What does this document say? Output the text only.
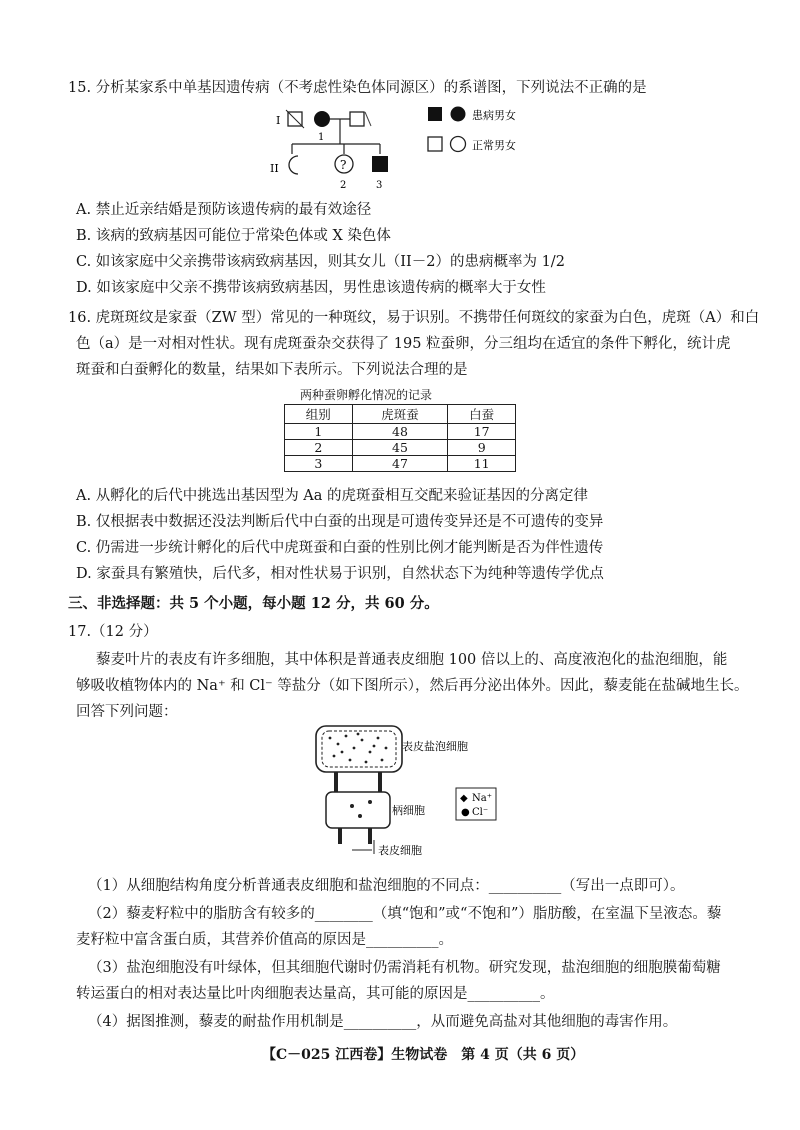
15. 分析某家系中单基因遗传病（不考虑性染色体同源区）的系谱图，下列说法不正确的是
I
II
1
?
2	3
患病男女
正常男女
A. 禁止近亲结婚是预防该遗传病的最有效途径
B. 该病的致病基因可能位于常染色体或 X 染色体
C. 如该家庭中父亲携带该病致病基因，则其女儿（II－2）的患病概率为 1/2
D. 如该家庭中父亲不携带该病致病基因，男性患该遗传病的概率大于女性
16. 虎斑斑纹是家蚕（ZW 型）常见的一种斑纹，易于识别。不携带任何斑纹的家蚕为白色，虎斑（A）和白
色（a）是一对相对性状。现有虎斑蚕杂交获得了 195 粒蚕卵，分三组均在适宜的条件下孵化，统计虎
斑蚕和白蚕孵化的数量，结果如下表所示。下列说法合理的是
两种蚕卵孵化情况的记录
组别	虎斑蚕	白蚕
1	48	17
2	45	9
3	47	11
A. 从孵化的后代中挑选出基因型为 Aa 的虎斑蚕相互交配来验证基因的分离定律
B. 仅根据表中数据还没法判断后代中白蚕的出现是可遗传变异还是不可遗传的变异
C. 仍需进一步统计孵化的后代中虎斑蚕和白蚕的性别比例才能判断是否为伴性遗传
D. 家蚕具有繁殖快，后代多，相对性状易于识别，自然状态下为纯种等遗传学优点
三、非选择题：共 5 个小题，每小题 12 分，共 60 分。
17.（12 分）
藜麦叶片的表皮有许多细胞，其中体积是普通表皮细胞 100 倍以上的、高度液泡化的盐泡细胞，能
够吸收植物体内的 Na⁺ 和 Cl⁻ 等盐分（如下图所示），然后再分泌出体外。因此，藜麦能在盐碱地生长。
回答下列问题：
表皮盐泡细胞
柄细胞
表皮细胞
◆ Na⁺
● Cl⁻
（1）从细胞结构角度分析普通表皮细胞和盐泡细胞的不同点：__________（写出一点即可）。
（2）藜麦籽粒中的脂肪含有较多的________（填“饱和”或“不饱和”）脂肪酸，在室温下呈液态。藜
麦籽粒中富含蛋白质，其营养价值高的原因是__________。
（3）盐泡细胞没有叶绿体，但其细胞代谢时仍需消耗有机物。研究发现，盐泡细胞的细胞膜葡萄糖
转运蛋白的相对表达量比叶肉细胞表达量高，其可能的原因是__________。
（4）据图推测，藜麦的耐盐作用机制是__________，从而避免高盐对其他细胞的毒害作用。
【C－025 江西卷】生物试卷　第 4 页（共 6 页）
